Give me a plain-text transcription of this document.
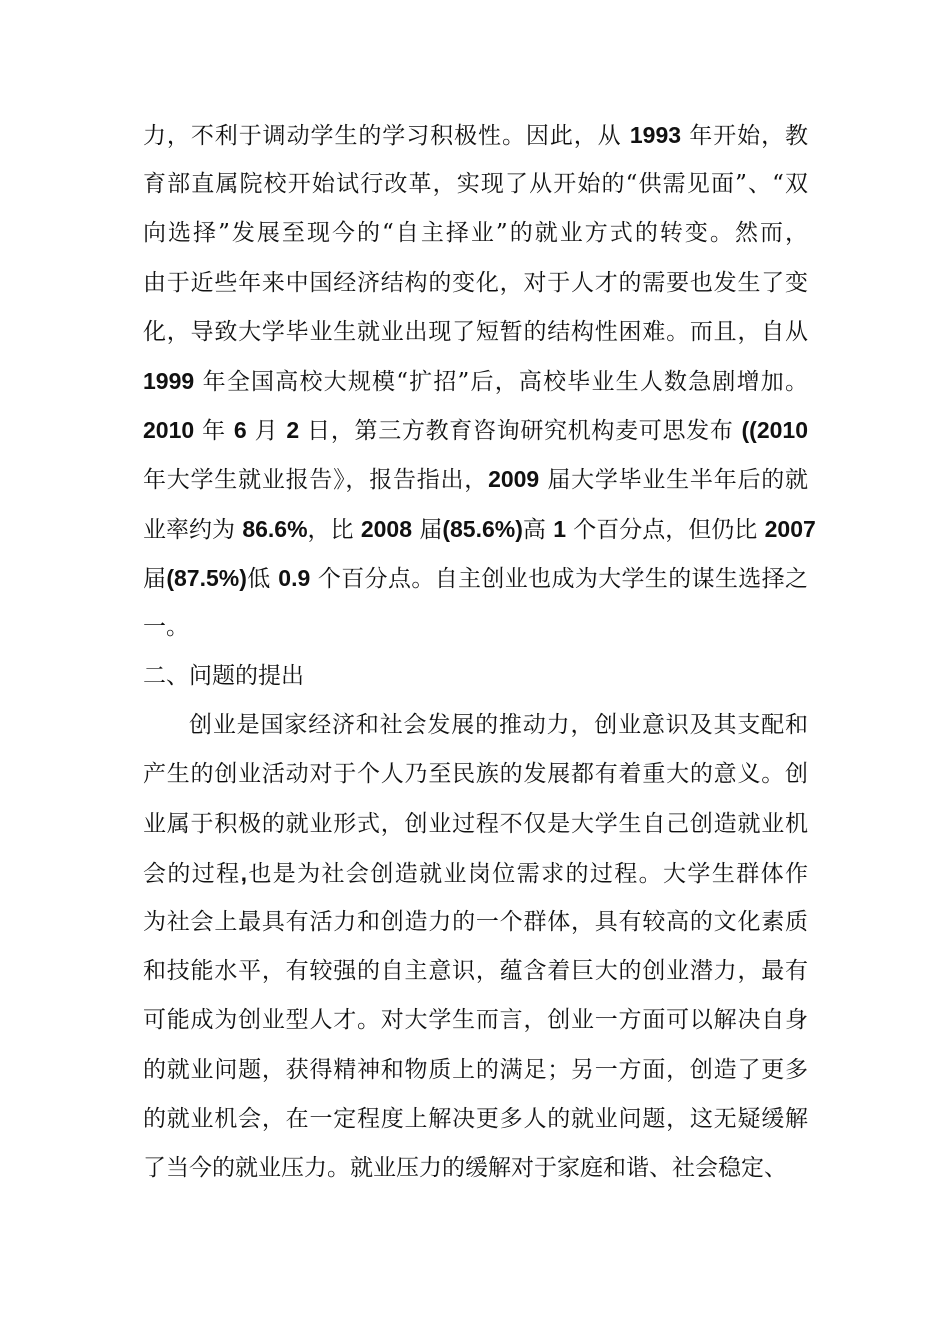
力，不利于调动学生的学习积极性。因此，从 1993 年开始，教
育部直属院校开始试行改革，实现了从开始的“供需见面”、“双
向选择”发展至现今的“自主择业”的就业方式的转变。然而，
由于近些年来中国经济结构的变化，对于人才的需要也发生了变
化，导致大学毕业生就业出现了短暂的结构性困难。而且，自从
1999 年全国高校大规模“扩招”后，高校毕业生人数急剧增加。
2010 年 6 月 2 日，第三方教育咨询研究机构麦可思发布 ((2010
年大学生就业报告》，报告指出，2009 届大学毕业生半年后的就
业率约为 86.6%，比 2008 届(85.6%)高 1 个百分点，但仍比 2007
届(87.5%)低 0.9 个百分点。自主创业也成为大学生的谋生选择之
一。
二、问题的提出
创业是国家经济和社会发展的推动力，创业意识及其支配和
产生的创业活动对于个人乃至民族的发展都有着重大的意义。创
业属于积极的就业形式，创业过程不仅是大学生自己创造就业机
会的过程,也是为社会创造就业岗位需求的过程。大学生群体作
为社会上最具有活力和创造力的一个群体，具有较高的文化素质
和技能水平，有较强的自主意识，蕴含着巨大的创业潜力，最有
可能成为创业型人才。对大学生而言，创业一方面可以解决自身
的就业问题，获得精神和物质上的满足；另一方面，创造了更多
的就业机会，在一定程度上解决更多人的就业问题，这无疑缓解
了当今的就业压力。就业压力的缓解对于家庭和谐、社会稳定、
